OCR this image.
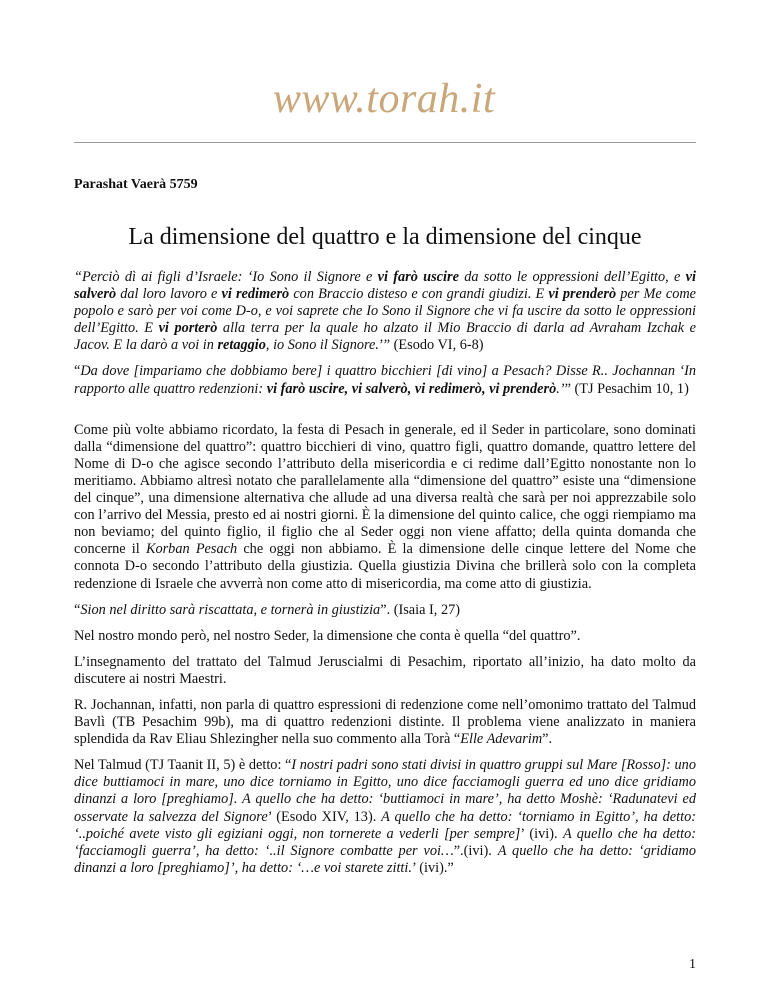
www.torah.it
Parashat Vaerà 5759
La dimensione del quattro e la dimensione del cinque

“Perciò dì ai figli d’Israele: ‘Io Sono il Signore e vi farò uscire da sotto le oppressioni dell’Egitto, e vi salverò dal loro lavoro e vi redimerò con Braccio disteso e con grandi giudizi. E vi prenderò per Me come popolo e sarò per voi come D-o, e voi saprete che Io Sono il Signore che vi fa uscire da sotto le oppressioni dell’Egitto. E vi porterò alla terra per la quale ho alzato il Mio Braccio di darla ad Avraham Izchak e Jacov. E la darò a voi in retaggio, io Sono il Signore.’” (Esodo VI, 6-8)

“Da dove [impariamo che dobbiamo bere] i quattro bicchieri [di vino] a Pesach? Disse R.. Jochannan ‘In rapporto alle quattro redenzioni: vi farò uscire, vi salverò, vi redimerò, vi prenderò.’” (TJ Pesachim 10, 1)

Come più volte abbiamo ricordato, la festa di Pesach in generale, ed il Seder in particolare, sono dominati dalla “dimensione del quattro”: quattro bicchieri di vino, quattro figli, quattro domande, quattro lettere del Nome di D-o che agisce secondo l’attributo della misericordia e ci redime dall’Egitto nonostante non lo meritiamo. Abbiamo altresì notato che parallelamente alla “dimensione del quattro” esiste una “dimensione del cinque”, una dimensione alternativa che allude ad una diversa realtà che sarà per noi apprezzabile solo con l’arrivo del Messia, presto ed ai nostri giorni. È la dimensione del quinto calice, che oggi riempiamo ma non beviamo; del quinto figlio, il figlio che al Seder oggi non viene affatto; della quinta domanda che concerne il Korban Pesach che oggi non abbiamo. È la dimensione delle cinque lettere del Nome che connota D-o secondo l’attributo della giustizia. Quella giustizia Divina che brillerà solo con la completa redenzione di Israele che avverrà non come atto di misericordia, ma come atto di giustizia.

“Sion nel diritto sarà riscattata, e tornerà in giustizia”. (Isaia I, 27)

Nel nostro mondo però, nel nostro Seder, la dimensione che conta è quella “del quattro”.

L’insegnamento del trattato del Talmud Jeruscialmi di Pesachim, riportato all’inizio, ha dato molto da discutere ai nostri Maestri.

R. Jochannan, infatti, non parla di quattro espressioni di redenzione come nell’omonimo trattato del Talmud Bavlì (TB Pesachim 99b), ma di quattro redenzioni distinte. Il problema viene analizzato in maniera splendida da Rav Eliau Shlezingher nella suo commento alla Torà “Elle Adevarim”.

Nel Talmud (TJ Taanit II, 5) è detto: “I nostri padri sono stati divisi in quattro gruppi sul Mare [Rosso]: uno dice buttiamoci in mare, uno dice torniamo in Egitto, uno dice facciamogli guerra ed uno dice gridiamo dinanzi a loro [preghiamo]. A quello che ha detto: ‘buttiamoci in mare’, ha detto Moshè: ‘Radunatevi ed osservate la salvezza del Signore’ (Esodo XIV, 13). A quello che ha detto: ‘torniamo in Egitto’, ha detto: ‘..poiché avete visto gli egiziani oggi, non tornerete a vederli [per sempre]’ (ivi). A quello che ha detto: ‘facciamogli guerra’, ha detto: ‘..il Signore combatte per voi…”.(ivi). A quello che ha detto: ‘gridiamo dinanzi a loro [preghiamo]’, ha detto: ‘…e voi starete zitti.’ (ivi).”

1
